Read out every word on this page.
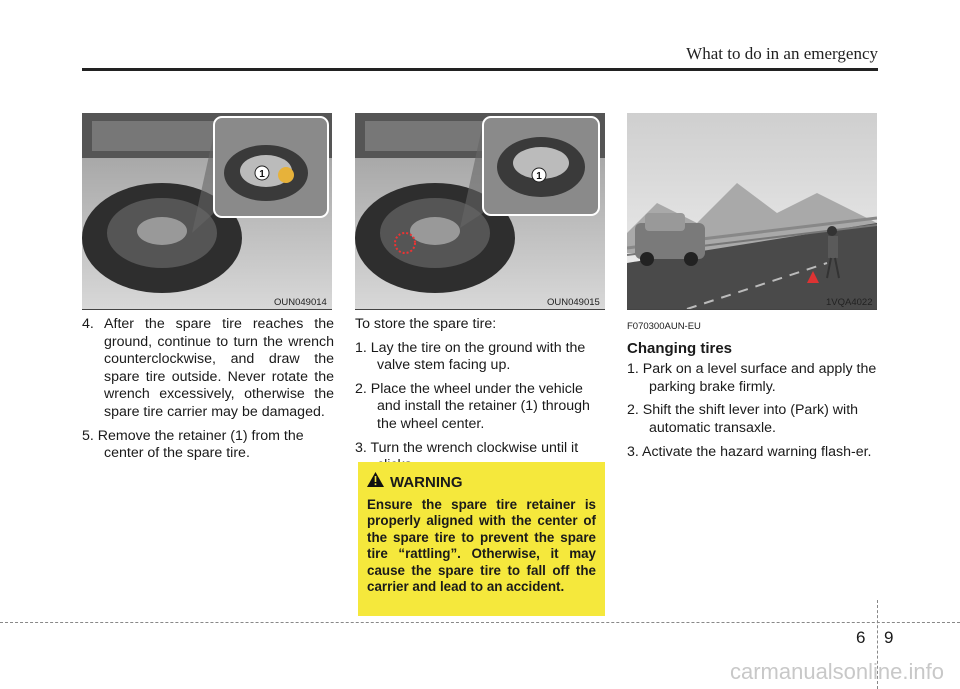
What to do in an emergency
1
OUN049014
1
OUN049015	1VQA4022

4. After the spare tire reaches the ground, continue to turn the wrench counterclockwise, and draw the spare tire outside. Never rotate the wrench excessively, otherwise the spare tire carrier may be damaged.

5. Remove the retainer (1) from the center of the spare tire.

To store the spare tire:

1. Lay the tire on the ground with the valve stem facing up.

2. Place the wheel under the vehicle and install the retainer (1) through the wheel center.

3. Turn the wrench clockwise until it

WARNING
Ensure the spare tire retainer is properly aligned with the center of the spare tire to prevent the spare tire “rattling”. Otherwise, it may cause the spare tire to fall off the carrier and lead to an accident.

F070300AUN-EU

Changing tires

1. Park on a level surface and apply the parking brake firmly.

2. Shift the shift lever into (Park) with automatic transaxle.

3. Activate the hazard warning flash-er.

6 9
carmanualsonline.info
